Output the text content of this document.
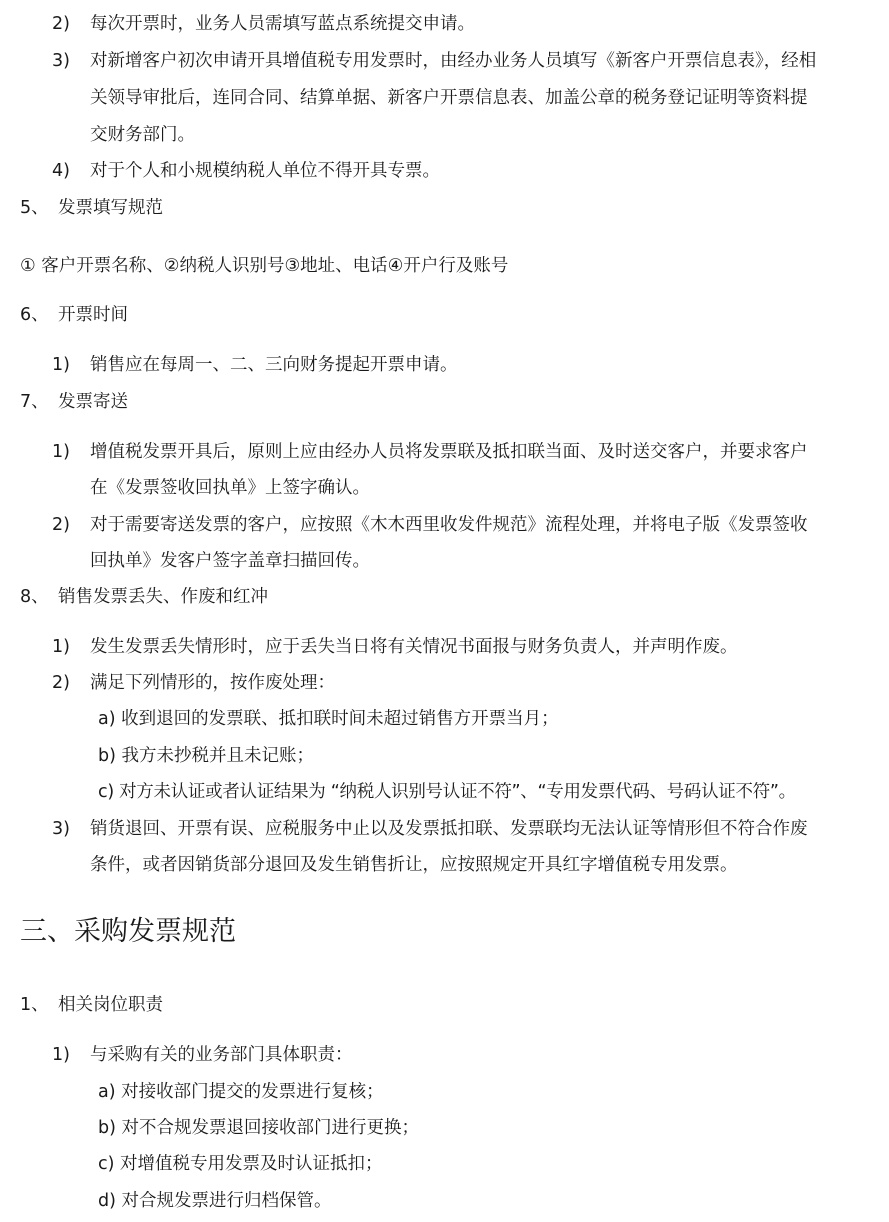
2) 每次开票时，业务人员需填写蓝点系统提交申请。
3) 对新增客户初次申请开具增值税专用发票时，由经办业务人员填写《新客户开票信息表》，经相
关领导审批后，连同合同、结算单据、新客户开票信息表、加盖公章的税务登记证明等资料提
交财务部门。
4) 对于个人和小规模纳税人单位不得开具专票。
5、 发票填写规范
① 客户开票名称、②纳税人识别号③地址、电话④开户行及账号
6、 开票时间
1) 销售应在每周一、二、三向财务提起开票申请。
7、 发票寄送
1) 增值税发票开具后，原则上应由经办人员将发票联及抵扣联当面、及时送交客户，并要求客户
在《发票签收回执单》上签字确认。
2) 对于需要寄送发票的客户，应按照《木木西里收发件规范》流程处理，并将电子版《发票签收
回执单》发客户签字盖章扫描回传。
8、 销售发票丢失、作废和红冲
1) 发生发票丢失情形时，应于丢失当日将有关情况书面报与财务负责人，并声明作废。
2) 满足下列情形的，按作废处理：
a) 收到退回的发票联、抵扣联时间未超过销售方开票当月；
b) 我方未抄税并且未记账；
c) 对方未认证或者认证结果为 “纳税人识别号认证不符”、“专用发票代码、号码认证不符”。
3) 销货退回、开票有误、应税服务中止以及发票抵扣联、发票联均无法认证等情形但不符合作废
条件，或者因销货部分退回及发生销售折让，应按照规定开具红字增值税专用发票。
三、采购发票规范
1、 相关岗位职责
1) 与采购有关的业务部门具体职责：
a) 对接收部门提交的发票进行复核；
b) 对不合规发票退回接收部门进行更换；
c) 对增值税专用发票及时认证抵扣；
d) 对合规发票进行归档保管。
